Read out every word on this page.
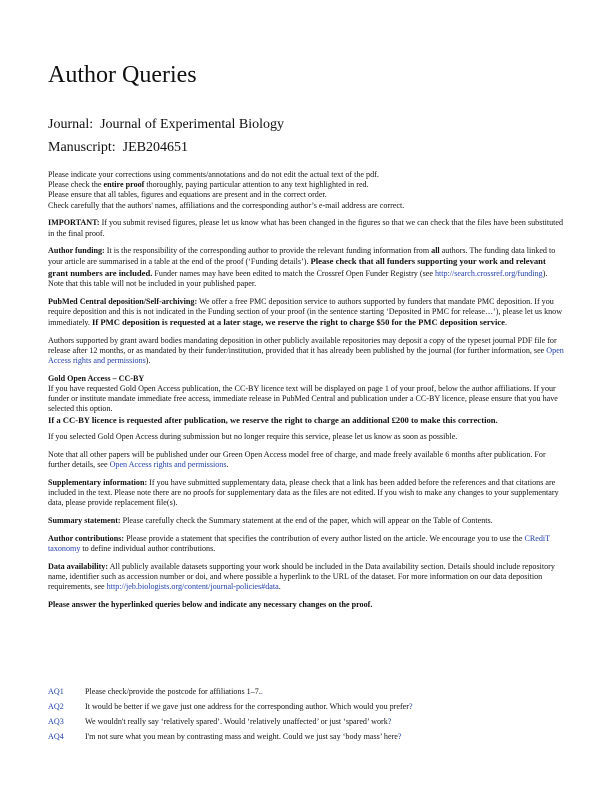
Author Queries
Journal: Journal of Experimental Biology
Manuscript: JEB204651

Please indicate your corrections using comments/annotations and do not edit the actual text of the pdf.
Please check the entire proof thoroughly, paying particular attention to any text highlighted in red.
Please ensure that all tables, figures and equations are present and in the correct order.
Check carefully that the authors' names, affiliations and the corresponding author’s e-mail address are correct.

IMPORTANT: If you submit revised figures, please let us know what has been changed in the figures so that we can check that the files have been substituted in the final proof.

Author funding: It is the responsibility of the corresponding author to provide the relevant funding information from all authors. The funding data linked to your article are summarised in a table at the end of the proof (‘Funding details’). Please check that all funders supporting your work and relevant grant numbers are included. Funder names may have been edited to match the Crossref Open Funder Registry (see http://search.crossref.org/funding). Note that this table will not be included in your published paper.

PubMed Central deposition/Self-archiving: We offer a free PMC deposition service to authors supported by funders that mandate PMC deposition. If you require deposition and this is not indicated in the Funding section of your proof (in the sentence starting ‘Deposited in PMC for release…’), please let us know immediately. If PMC deposition is requested at a later stage, we reserve the right to charge $50 for the PMC deposition service.

Authors supported by grant award bodies mandating deposition in other publicly available repositories may deposit a copy of the typeset journal PDF file for release after 12 months, or as mandated by their funder/institution, provided that it has already been published by the journal (for further information, see Open Access rights and permissions).

Gold Open Access – CC-BY
If you have requested Gold Open Access publication, the CC-BY licence text will be displayed on page 1 of your proof, below the author affiliations. If your funder or institute mandate immediate free access, immediate release in PubMed Central and publication under a CC-BY licence, please ensure that you have selected this option.
If a CC-BY licence is requested after publication, we reserve the right to charge an additional £200 to make this correction.

If you selected Gold Open Access during submission but no longer require this service, please let us know as soon as possible.

Note that all other papers will be published under our Green Open Access model free of charge, and made freely available 6 months after publication. For further details, see Open Access rights and permissions.

Supplementary information: If you have submitted supplementary data, please check that a link has been added before the references and that citations are included in the text. Please note there are no proofs for supplementary data as the files are not edited. If you wish to make any changes to your supplementary data, please provide replacement file(s).

Summary statement: Please carefully check the Summary statement at the end of the paper, which will appear on the Table of Contents.

Author contributions: Please provide a statement that specifies the contribution of every author listed on the article. We encourage you to use the CRediT taxonomy to define individual author contributions.

Data availability: All publicly available datasets supporting your work should be included in the Data availability section. Details should include repository name, identifier such as accession number or doi, and where possible a hyperlink to the URL of the dataset. For more information on our data deposition requirements, see http://jeb.biologists.org/content/journal-policies#data.

Please answer the hyperlinked queries below and indicate any necessary changes on the proof.

AQ1	Please check/provide the postcode for affiliations 1–7..
AQ2	It would be better if we gave just one address for the corresponding author. Which would you prefer?
AQ3	We wouldn't really say ‘relatively spared’. Would ‘relatively unaffected’ or just ‘spared’ work?
AQ4	I'm not sure what you mean by contrasting mass and weight. Could we just say ‘body mass’ here?
